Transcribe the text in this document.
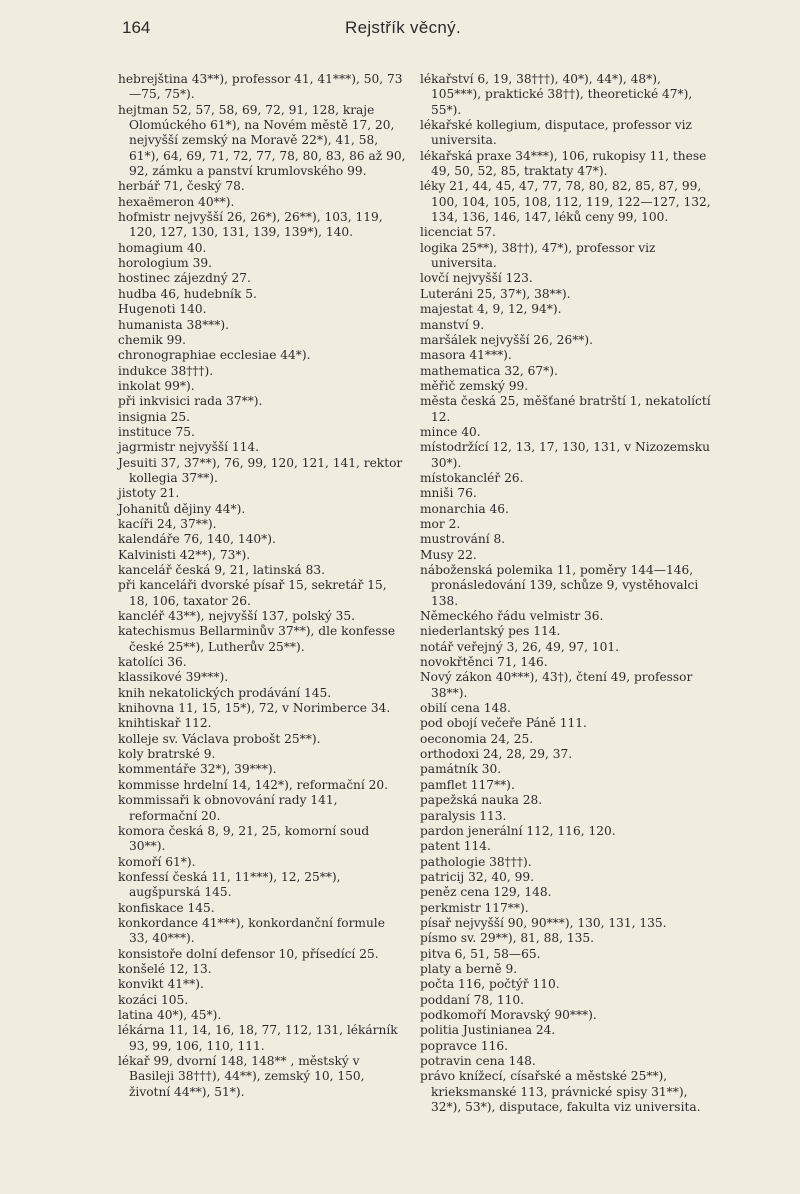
164	Rejstřík věcný.

hebrejština 43**), professor 41, 41***), 50, 73—75, 75*).

hejtman 52, 57, 58, 69, 72, 91, 128, kraje Olomúckého 61*), na Novém městě 17, 20, nejvyšší zemský na Moravě 22*), 41, 58, 61*), 64, 69, 71, 72, 77, 78, 80, 83, 86 až 90, 92, zámku a panství krumlovského 99.

herbář 71, český 78.

hexaëmeron 40**).

hofmistr nejvyšší 26, 26*), 26**), 103, 119, 120, 127, 130, 131, 139, 139*), 140.

homagium 40.

horologium 39.

hostinec zájezdný 27.

hudba 46, hudebník 5.

Hugenoti 140.

humanista 38***).

chemik 99.

chronographiae ecclesiae 44*).

indukce 38†††).

inkolat 99*).

při inkvisici rada 37**).

insignia 25.

instituce 75.

jagrmistr nejvyšší 114.

Jesuiti 37, 37**), 76, 99, 120, 121, 141, rektor kollegia 37**).

jistoty 21.

Johanitů dějiny 44*).

kacíři 24, 37**).

kalendáře 76, 140, 140*).

Kalvinisti 42**), 73*).

kancelář česká 9, 21, latinská 83.

při kanceláři dvorské písař 15, sekretář 15, 18, 106, taxator 26.

kancléř 43**), nejvyšší 137, polský 35.

katechismus Bellarminův 37**), dle konfesse české 25**), Lutherův 25**).

katolíci 36.

klassikové 39***).

knih nekatolických prodávání 145.

knihovna 11, 15, 15*), 72, v Norimberce 34.

knihtiskař 112.

kolleje sv. Václava probošt 25**).

koly bratrské 9.

kommentáře 32*), 39***).

kommisse hrdelní 14, 142*), reformační 20.

kommissaři k obnovování rady 141, reformační 20.

komora česká 8, 9, 21, 25, komorní soud 30**).

komoří 61*).

konfessí česká 11, 11***), 12, 25**), augšpurská 145.

konfiskace 145.

konkordance 41***), konkordanční formule 33, 40***).

konsistoře dolní defensor 10, přísedící 25.

konšelé 12, 13.

konvikt 41**).

kozáci 105.

latina 40*), 45*).

lékárna 11, 14, 16, 18, 77, 112, 131, lékárník 93, 99, 106, 110, 111.

lékař 99, dvorní 148, 148** , městský v Basileji 38†††), 44**), zemský 10, 150, životní 44**), 51*).

lékařství 6, 19, 38†††), 40*), 44*), 48*), 105***), praktické 38††), theoretické 47*), 55*).

lékařské kollegium, disputace, professor viz universita.

lékařská praxe 34***), 106, rukopisy 11, these 49, 50, 52, 85, traktaty 47*).

léky 21, 44, 45, 47, 77, 78, 80, 82, 85, 87, 99, 100, 104, 105, 108, 112, 119, 122—127, 132, 134, 136, 146, 147, léků ceny 99, 100.

licenciat 57.

logika 25**), 38††), 47*), professor viz universita.

lovčí nejvyšší 123.

Luteráni 25, 37*), 38**).

majestat 4, 9, 12, 94*).

manství 9.

maršálek nejvyšší 26, 26**).

masora 41***).

mathematica 32, 67*).

měřič zemský 99.

města česká 25, měšťané bratrští 1, nekatolíctí 12.

mince 40.

místodržící 12, 13, 17, 130, 131, v Nizozemsku 30*).

místokancléř 26.

mniši 76.

monarchia 46.

mor 2.

mustrování 8.

Musy 22.

náboženská polemika 11, poměry 144—146, pronásledování 139, schůze 9, vystěhovalci 138.

Německého řádu velmistr 36.

niederlantský pes 114.

notář veřejný 3, 26, 49, 97, 101.

novokřtěnci 71, 146.

Nový zákon 40***), 43†), čtení 49, professor 38**).

obilí cena 148.

pod obojí večeře Páně 111.

oeconomia 24, 25.

orthodoxi 24, 28, 29, 37.

památník 30.

pamflet 117**).

papežská nauka 28.

paralysis 113.

pardon jenerální 112, 116, 120.

patent 114.

pathologie 38†††).

patricij 32, 40, 99.

peněz cena 129, 148.

perkmistr 117**).

písař nejvyšší 90, 90***), 130, 131, 135.

písmo sv. 29**), 81, 88, 135.

pitva 6, 51, 58—65.

platy a berně 9.

počta 116, počtýř 110.

poddaní 78, 110.

podkomoří Moravský 90***).

politia Justinianea 24.

popravce 116.

potravin cena 148.

právo knížecí, císařské a městské 25**), krieksmanské 113, právnické spisy 31**), 32*), 53*), disputace, fakulta viz universita.
